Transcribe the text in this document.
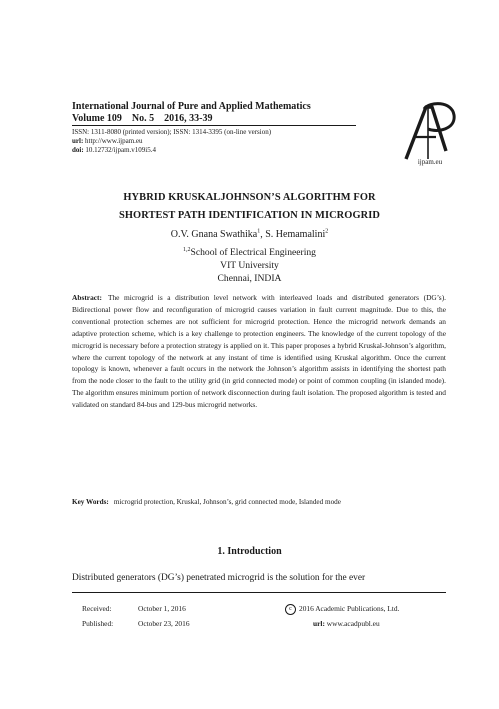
International Journal of Pure and Applied Mathematics
Volume 109    No. 5    2016, 33-39
ISSN: 1311-8080 (printed version); ISSN: 1314-3395 (on-line version)
url: http://www.ijpam.eu
doi: 10.12732/ijpam.v109i5.4
ijpam.eu
HYBRID KRUSKALJOHNSON’S ALGORITHM FOR
SHORTEST PATH IDENTIFICATION IN MICROGRID
O.V. Gnana Swathika$^1$, S. Hemamalini$^2$
$^{1,2}$School of Electrical Engineering
VIT University
Chennai, INDIA
Abstract: The microgrid is a distribution level network with interleaved loads and distributed generators (DG’s). Bidirectional power flow and reconfiguration of microgrid causes variation in fault current magnitude. Due to this, the conventional protection schemes are not sufficient for microgrid protection. Hence the microgrid network demands an adaptive protection scheme, which is a key challenge to protection engineers. The knowledge of the current topology of the microgrid is necessary before a protection strategy is applied on it. This paper proposes a hybrid Kruskal-Johnson’s algorithm, where the current topology of the network at any instant of time is identified using Kruskal algorithm. Once the current topology is known, whenever a fault occurs in the network the Johnson’s algorithm assists in identifying the shortest path from the node closer to the fault to the utility grid (in grid connected mode) or point of common coupling (in islanded mode). The algorithm ensures minimum portion of network disconnection during fault isolation. The proposed algorithm is tested and validated on standard 84-bus and 129-bus microgrid networks.
Key Words: microgrid protection, Kruskal, Johnson’s, grid connected mode, Islanded mode
1. Introduction
Distributed generators (DG’s) penetrated microgrid is the solution for the ever
Received:	October 1, 2016
Published:	October 23, 2016
c 2016 Academic Publications, Ltd.
url: www.acadpubl.eu
